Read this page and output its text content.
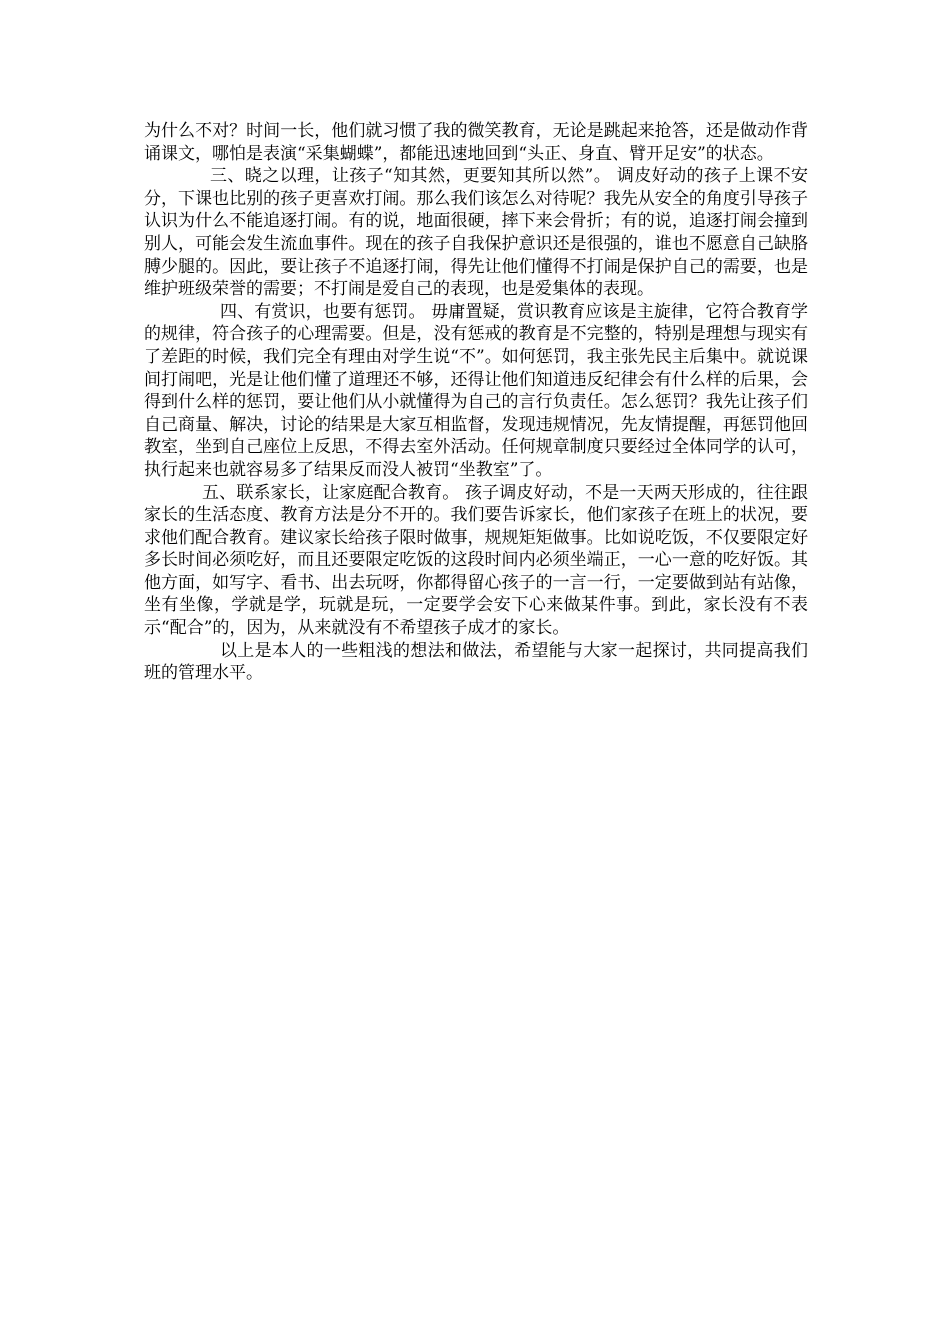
为什么不对？时间一长，他们就习惯了我的微笑教育，无论是跳起来抢答，还是做动作背诵课文，哪怕是表演“采集蝴蝶”，都能迅速地回到“头正、身直、臂开足安”的状态。

三、晓之以理，让孩子“知其然，更要知其所以然”。 调皮好动的孩子上课不安分，下课也比别的孩子更喜欢打闹。那么我们该怎么对待呢？我先从安全的角度引导孩子认识为什么不能追逐打闹。有的说，地面很硬，摔下来会骨折；有的说，追逐打闹会撞到别人，可能会发生流血事件。现在的孩子自我保护意识还是很强的，谁也不愿意自己缺胳膊少腿的。因此，要让孩子不追逐打闹，得先让他们懂得不打闹是保护自己的需要，也是维护班级荣誉的需要；不打闹是爱自己的表现，也是爱集体的表现。

四、有赏识，也要有惩罚。 毋庸置疑，赏识教育应该是主旋律，它符合教育学的规律，符合孩子的心理需要。但是，没有惩戒的教育是不完整的，特别是理想与现实有了差距的时候，我们完全有理由对学生说“不”。如何惩罚，我主张先民主后集中。就说课间打闹吧，光是让他们懂了道理还不够，还得让他们知道违反纪律会有什么样的后果，会得到什么样的惩罚，要让他们从小就懂得为自己的言行负责任。怎么惩罚？我先让孩子们自己商量、解决，讨论的结果是大家互相监督，发现违规情况，先友情提醒，再惩罚他回教室，坐到自己座位上反思，不得去室外活动。任何规章制度只要经过全体同学的认可，执行起来也就容易多了结果反而没人被罚“坐教室”了。

五、联系家长，让家庭配合教育。 孩子调皮好动，不是一天两天形成的，往往跟家长的生活态度、教育方法是分不开的。我们要告诉家长，他们家孩子在班上的状况，要求他们配合教育。建议家长给孩子限时做事，规规矩矩做事。比如说吃饭，不仅要限定好多长时间必须吃好，而且还要限定吃饭的这段时间内必须坐端正，一心一意的吃好饭。其他方面，如写字、看书、出去玩呀，你都得留心孩子的一言一行，一定要做到站有站像，坐有坐像，学就是学，玩就是玩，一定要学会安下心来做某件事。到此，家长没有不表示“配合”的，因为，从来就没有不希望孩子成才的家长。

以上是本人的一些粗浅的想法和做法，希望能与大家一起探讨，共同提高我们班的管理水平。
